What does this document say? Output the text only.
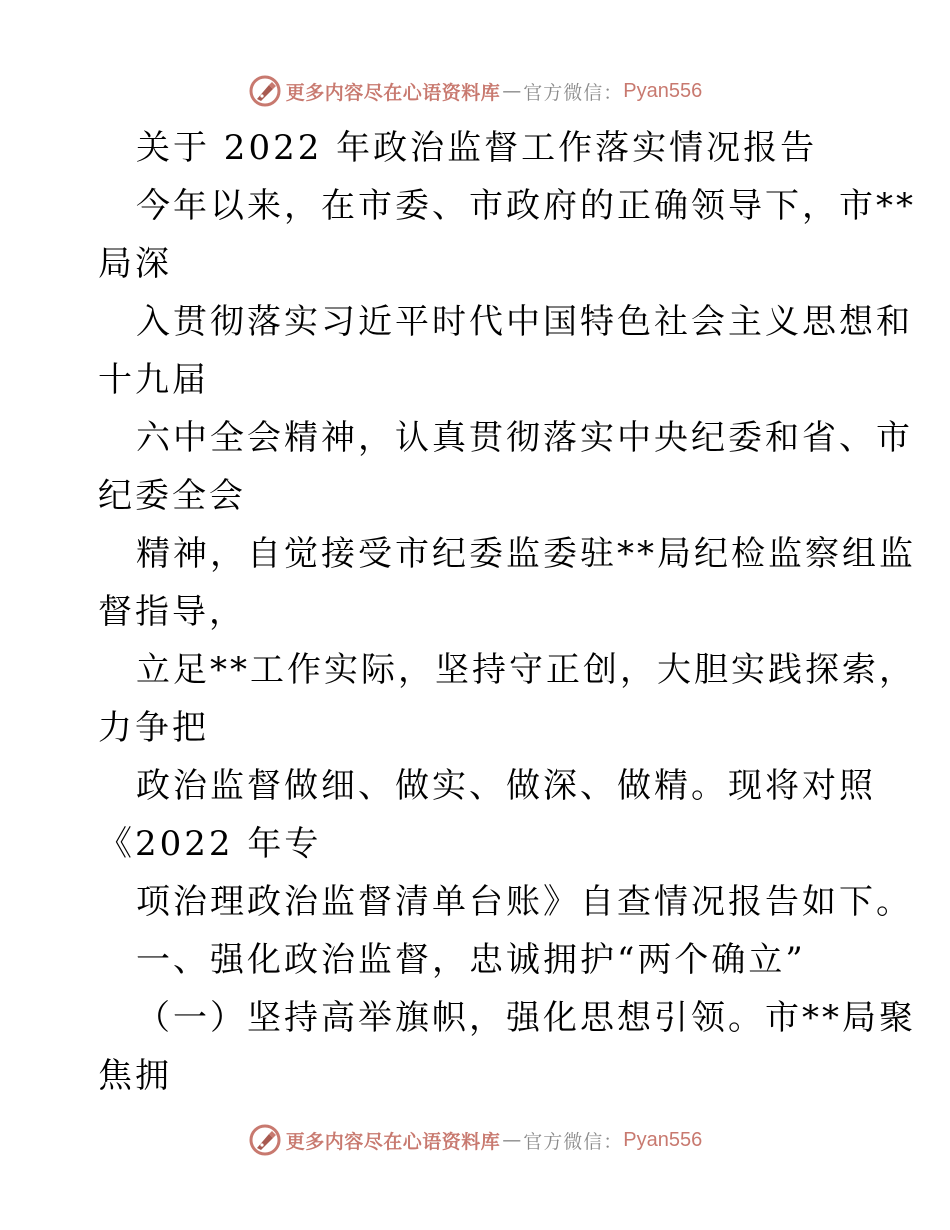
更多内容尽在心语资料库 — 官方微信： Pyan556
关于 2022 年政治监督工作落实情况报告
今年以来，在市委、市政府的正确领导下，市**
局深
入贯彻落实习近平时代中国特色社会主义思想和
十九届
六中全会精神，认真贯彻落实中央纪委和省、市
纪委全会
精神，自觉接受市纪委监委驻**局纪检监察组监
督指导，
立足**工作实际，坚持守正创，大胆实践探索，
力争把
政治监督做细、做实、做深、做精。现将对照
《2022 年专
项治理政治监督清单台账》自查情况报告如下。
一、强化政治监督，忠诚拥护“两个确立”
（一）坚持高举旗帜，强化思想引领。市**局聚
焦拥
更多内容尽在心语资料库 — 官方微信： Pyan556
